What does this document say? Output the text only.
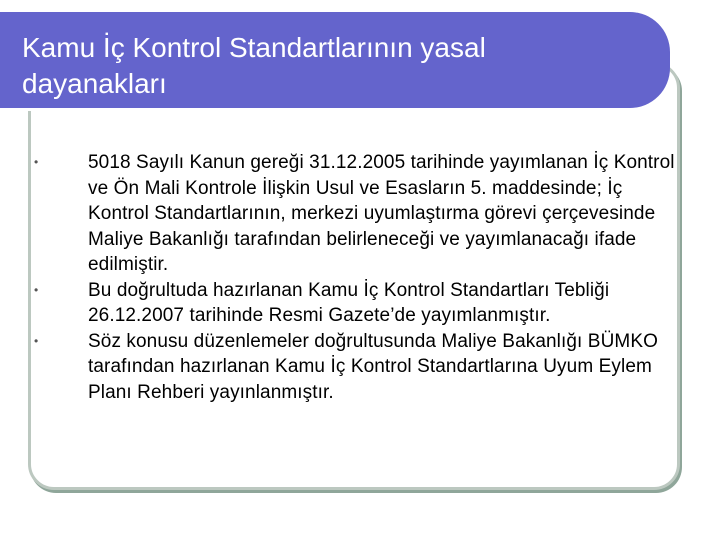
Kamu İç Kontrol Standartlarının yasal dayanakları
•	5018 Sayılı Kanun gereği 31.12.2005 tarihinde yayımlanan İç Kontrol ve Ön Mali Kontrole İlişkin Usul ve Esasların 5. maddesinde; İç Kontrol Standartlarının, merkezi uyumlaştırma görevi çerçevesinde Maliye Bakanlığı tarafından belirleneceği ve yayımlanacağı ifade edilmiştir.
•	Bu doğrultuda hazırlanan Kamu İç Kontrol Standartları Tebliği 26.12.2007 tarihinde Resmi Gazete’de yayımlanmıştır.
•	Söz konusu düzenlemeler doğrultusunda Maliye Bakanlığı BÜMKO tarafından hazırlanan Kamu İç Kontrol Standartlarına Uyum Eylem Planı Rehberi yayınlanmıştır.
